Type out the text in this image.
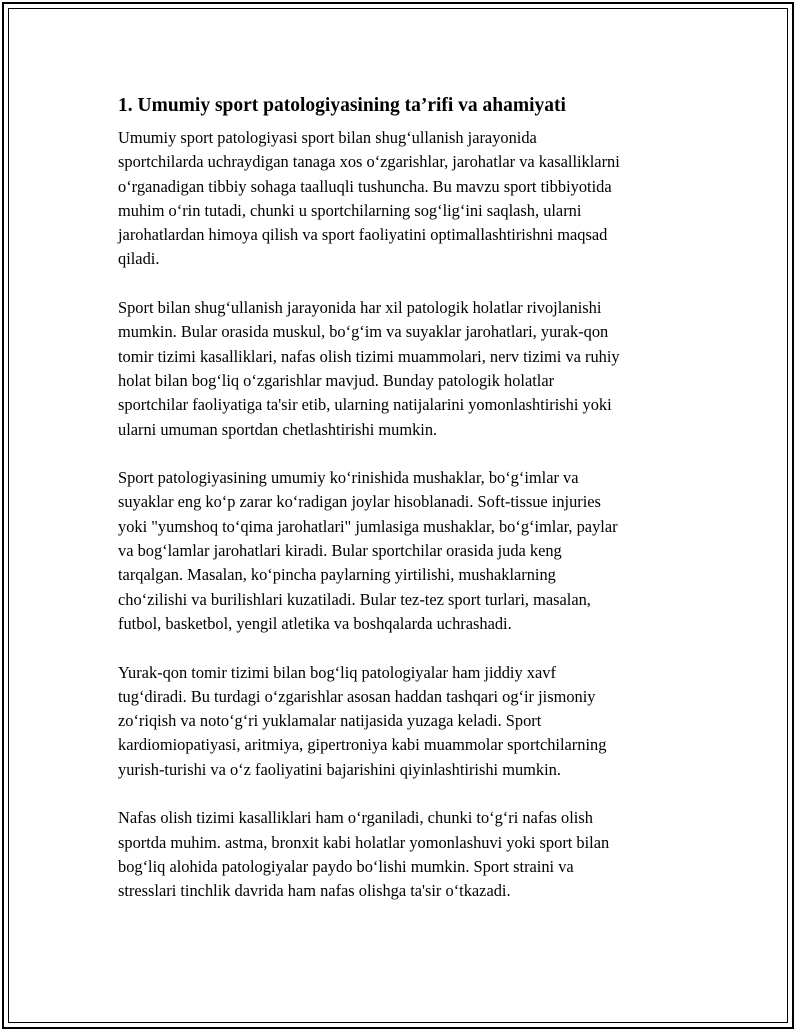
1. Umumiy sport patologiyasining ta’rifi va ahamiyati

Umumiy sport patologiyasi sport bilan shug‘ullanish jarayonida
sportchilarda uchraydigan tanaga xos o‘zgarishlar, jarohatlar va kasalliklarni
o‘rganadigan tibbiy sohaga taalluqli tushuncha. Bu mavzu sport tibbiyotida
muhim o‘rin tutadi, chunki u sportchilarning sog‘lig‘ini saqlash, ularni
jarohatlardan himoya qilish va sport faoliyatini optimallashtirishni maqsad
qiladi.

Sport bilan shug‘ullanish jarayonida har xil patologik holatlar rivojlanishi
mumkin. Bular orasida muskul, bo‘g‘im va suyaklar jarohatlari, yurak-qon
tomir tizimi kasalliklari, nafas olish tizimi muammolari, nerv tizimi va ruhiy
holat bilan bog‘liq o‘zgarishlar mavjud. Bunday patologik holatlar
sportchilar faoliyatiga ta'sir etib, ularning natijalarini yomonlashtirishi yoki
ularni umuman sportdan chetlashtirishi mumkin.

Sport patologiyasining umumiy ko‘rinishida mushaklar, bo‘g‘imlar va
suyaklar eng ko‘p zarar ko‘radigan joylar hisoblanadi. Soft-tissue injuries
yoki "yumshoq to‘qima jarohatlari" jumlasiga mushaklar, bo‘g‘imlar, paylar
va bog‘lamlar jarohatlari kiradi. Bular sportchilar orasida juda keng
tarqalgan. Masalan, ko‘pincha paylarning yirtilishi, mushaklarning
cho‘zilishi va burilishlari kuzatiladi. Bular tez-tez sport turlari, masalan,
futbol, basketbol, yengil atletika va boshqalarda uchrashadi.

Yurak-qon tomir tizimi bilan bog‘liq patologiyalar ham jiddiy xavf
tug‘diradi. Bu turdagi o‘zgarishlar asosan haddan tashqari og‘ir jismoniy
zo‘riqish va noto‘g‘ri yuklamalar natijasida yuzaga keladi. Sport
kardiomiopatiyasi, aritmiya, gipertroniya kabi muammolar sportchilarning
yurish-turishi va o‘z faoliyatini bajarishini qiyinlashtirishi mumkin.

Nafas olish tizimi kasalliklari ham o‘rganiladi, chunki to‘g‘ri nafas olish
sportda muhim. astma, bronxit kabi holatlar yomonlashuvi yoki sport bilan
bog‘liq alohida patologiyalar paydo bo‘lishi mumkin. Sport straini va
stresslari tinchlik davrida ham nafas olishga ta'sir o‘tkazadi.
